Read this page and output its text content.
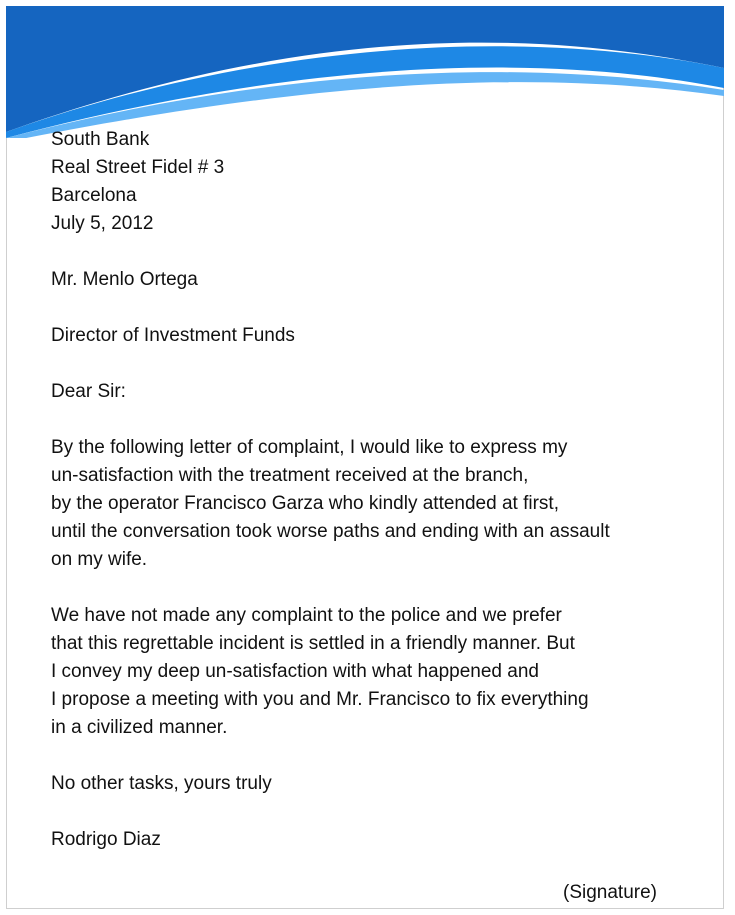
South Bank
Real Street Fidel # 3
Barcelona
July 5, 2012
Mr. Menlo Ortega
Director of Investment Funds
Dear Sir:
By the following letter of complaint, I would like to express my
un-satisfaction with the treatment received at the branch,
by the operator Francisco Garza who kindly attended at first,
until the conversation took worse paths and ending with an assault
on my wife.
We have not made any complaint to the police and we prefer
that this regrettable incident is settled in a friendly manner. But
I convey my deep un-satisfaction with what happened and
I propose a meeting with you and Mr. Francisco to fix everything
in a civilized manner.
No other tasks, yours truly
Rodrigo Diaz
(Signature)
